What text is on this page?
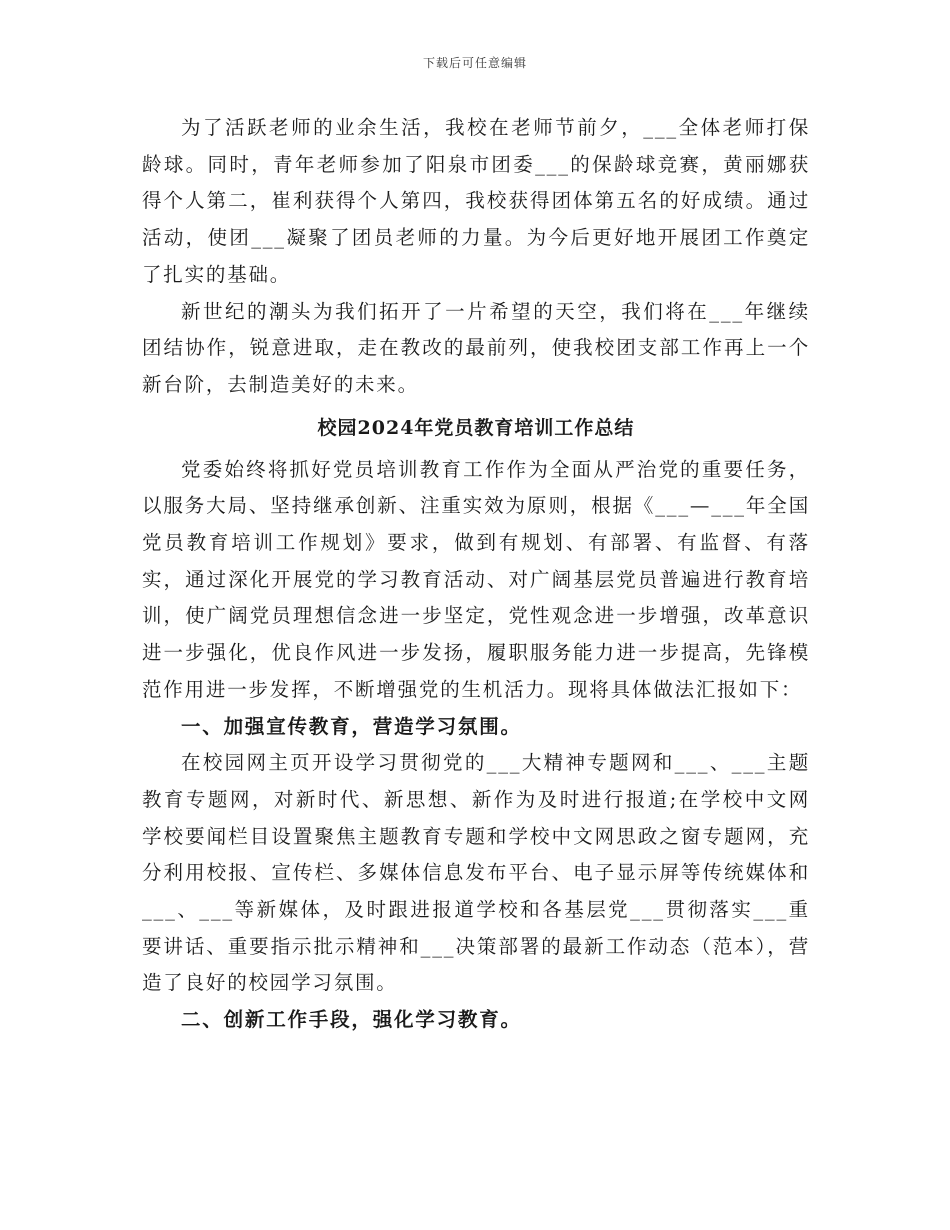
下载后可任意编辑

为了活跃老师的业余生活，我校在老师节前夕，___全体老师打保龄球。同时，青年老师参加了阳泉市团委___的保龄球竞赛，黄丽娜获得个人第二，崔利获得个人第四，我校获得团体第五名的好成绩。通过活动，使团___凝聚了团员老师的力量。为今后更好地开展团工作奠定了扎实的基础。

新世纪的潮头为我们拓开了一片希望的天空，我们将在___年继续团结协作，锐意进取，走在教改的最前列，使我校团支部工作再上一个新台阶，去制造美好的未来。

校园2024年党员教育培训工作总结

党委始终将抓好党员培训教育工作作为全面从严治党的重要任务，以服务大局、坚持继承创新、注重实效为原则，根据《___—___年全国党员教育培训工作规划》要求，做到有规划、有部署、有监督、有落实，通过深化开展党的学习教育活动、对广阔基层党员普遍进行教育培训，使广阔党员理想信念进一步坚定，党性观念进一步增强，改革意识进一步强化，优良作风进一步发扬，履职服务能力进一步提高，先锋模范作用进一步发挥，不断增强党的生机活力。现将具体做法汇报如下：

一、加强宣传教育，营造学习氛围。

在校园网主页开设学习贯彻党的___大精神专题网和___、___主题教育专题网，对新时代、新思想、新作为及时进行报道;在学校中文网学校要闻栏目设置聚焦主题教育专题和学校中文网思政之窗专题网，充分利用校报、宣传栏、多媒体信息发布平台、电子显示屏等传统媒体和___、___等新媒体，及时跟进报道学校和各基层党___贯彻落实___重要讲话、重要指示批示精神和___决策部署的最新工作动态（范本），营造了良好的校园学习氛围。

二、创新工作手段，强化学习教育。
